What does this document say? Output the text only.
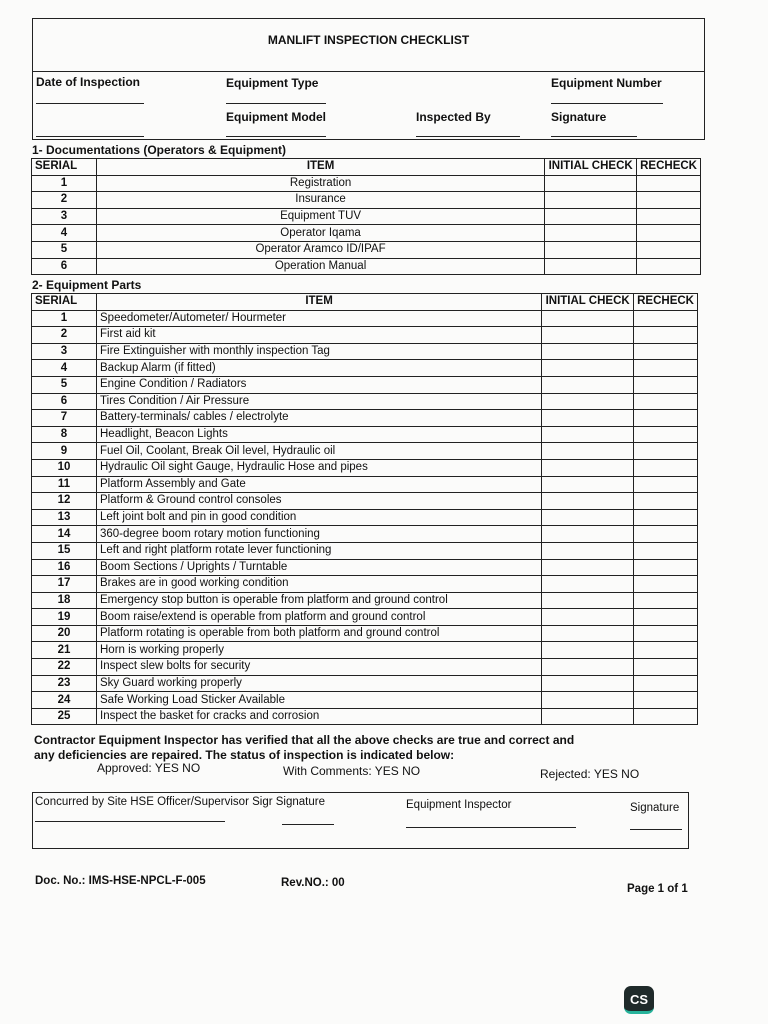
MANLIFT INSPECTION CHECKLIST
Date of Inspection	Equipment Type	Equipment Number
Equipment Model	Inspected By	Signature
1- Documentations (Operators & Equipment)
SERIAL	ITEM	INITIAL CHECK	RECHECK
1	Registration		
2	Insurance		
3	Equipment TUV		
4	Operator Iqama		
5	Operator Aramco ID/IPAF		
6	Operation Manual		
2- Equipment Parts
SERIAL	ITEM	INITIAL CHECK	RECHECK
1	Speedometer/Autometer/ Hourmeter		
2	First aid kit		
3	Fire Extinguisher with monthly inspection Tag		
4	Backup Alarm (if fitted)		
5	Engine Condition / Radiators		
6	Tires Condition / Air Pressure		
7	Battery-terminals/ cables / electrolyte		
8	Headlight, Beacon Lights		
9	Fuel Oil, Coolant, Break Oil level, Hydraulic oil		
10	Hydraulic Oil sight Gauge, Hydraulic Hose and pipes		
11	Platform Assembly and Gate		
12	Platform & Ground control consoles		
13	Left joint bolt and pin in good condition		
14	360-degree boom rotary motion functioning		
15	Left and right platform rotate lever functioning		
16	Boom Sections / Uprights / Turntable		
17	Brakes are in good working condition		
18	Emergency stop button is operable from platform and ground control		
19	Boom raise/extend is operable from platform and ground control		
20	Platform rotating is operable from both platform and ground control		
21	Horn is working properly		
22	Inspect slew bolts for security		
23	Sky Guard working properly		
24	Safe Working Load Sticker Available		
25	Inspect the basket for cracks and corrosion		
Contractor Equipment Inspector has verified that all the above checks are true and correct and
any deficiencies are repaired. The status of inspection is indicated below:
Approved: YES NO	With Comments: YES NO	Rejected: YES NO
Concurred by Site HSE Officer/Supervisor Sigr Signature	Equipment Inspector	Signature
Doc. No.: IMS-HSE-NPCL-F-005	Rev.NO.: 00	Page 1 of 1
CS
